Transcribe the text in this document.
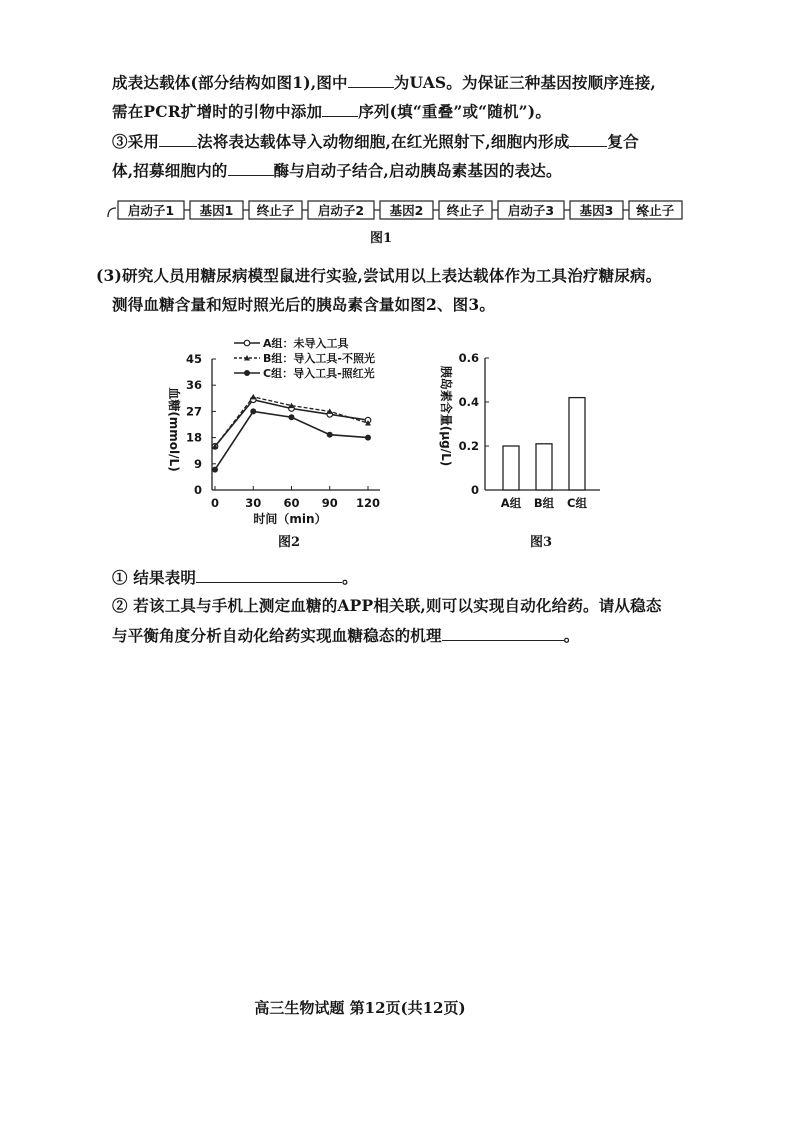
成表达载体(部分结构如图1),图中	为UAS。为保证三种基因按顺序连接,
需在PCR扩增时的引物中添加 序列(填“重叠”或“随机”)。
③采用 法将表达载体导入动物细胞,在红光照射下,细胞内形成 复合
体,招募细胞内的	酶与启动子结合,启动胰岛素基因的表达。
启动子1 基因1 终止子 启动子2 基因2 终止子 启动子3 基因3 终止子
图1
(3)研究人员用糖尿病模型鼠进行实验,尝试用以上表达载体作为工具治疗糖尿病。
测得血糖含量和短时照光后的胰岛素含量如图2、图3。
0
9
18
27
36
45
0 30 60 90 120
时间（min）
血糖(mmol/L)
A组：未导入工具
B组：导入工具-不照光
C组：导入工具-照红光
图2
0
0.2
0.4
0.6
A组 B组 C组
胰岛素含量(μg/L)
图3
① 结果表明	。
② 若该工具与手机上测定血糖的APP相关联,则可以实现自动化给药。请从稳态
与平衡角度分析自动化给药实现血糖稳态的机理	。
高三生物试题 第12页(共12页)
